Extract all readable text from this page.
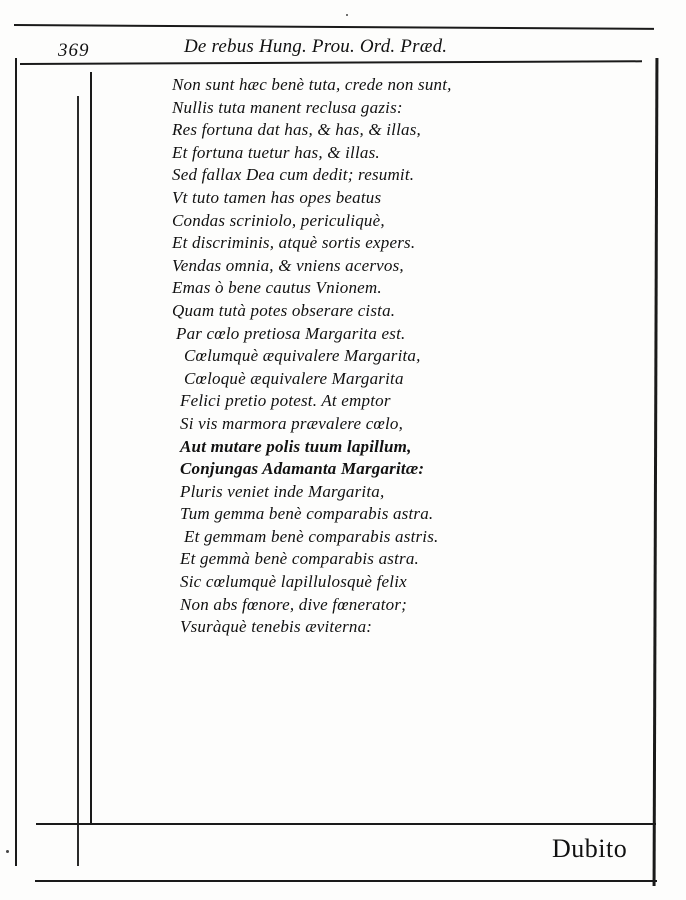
369	De rebus Hung. Prou. Ord. Præd.
Non sunt hæc benè tuta, crede non sunt,
Nullis tuta manent reclusa gazis:
Res fortuna dat has, & has, & illas,
Et fortuna tuetur has, & illas.
Sed fallax Dea cum dedit; resumit.
Vt tuto tamen has opes beatus
Condas scriniolo, periculiquè,
Et discriminis, atquè sortis expers.
Vendas omnia, & vniens acervos,
Emas ò bene cautus Vnionem.
Quam tutà potes obserare cista.
Par cœlo pretiosa Margarita est.
Cœlumquè æquivalere Margarita,
Cœloquè æquivalere Margarita
Felici pretio potest. At emptor
Si vis marmora prævalere cœlo,
Aut mutare polis tuum lapillum,
Conjungas Adamanta Margaritæ:
Pluris veniet inde Margarita,
Tum gemma benè comparabis astra.
Et gemmam benè comparabis astris.
Et gemmà benè comparabis astra.
Sic cœlumquè lapillulosquè felix
Non abs fœnore, dive fœnerator;
Vsuràquè tenebis æviterna:
Dubito
